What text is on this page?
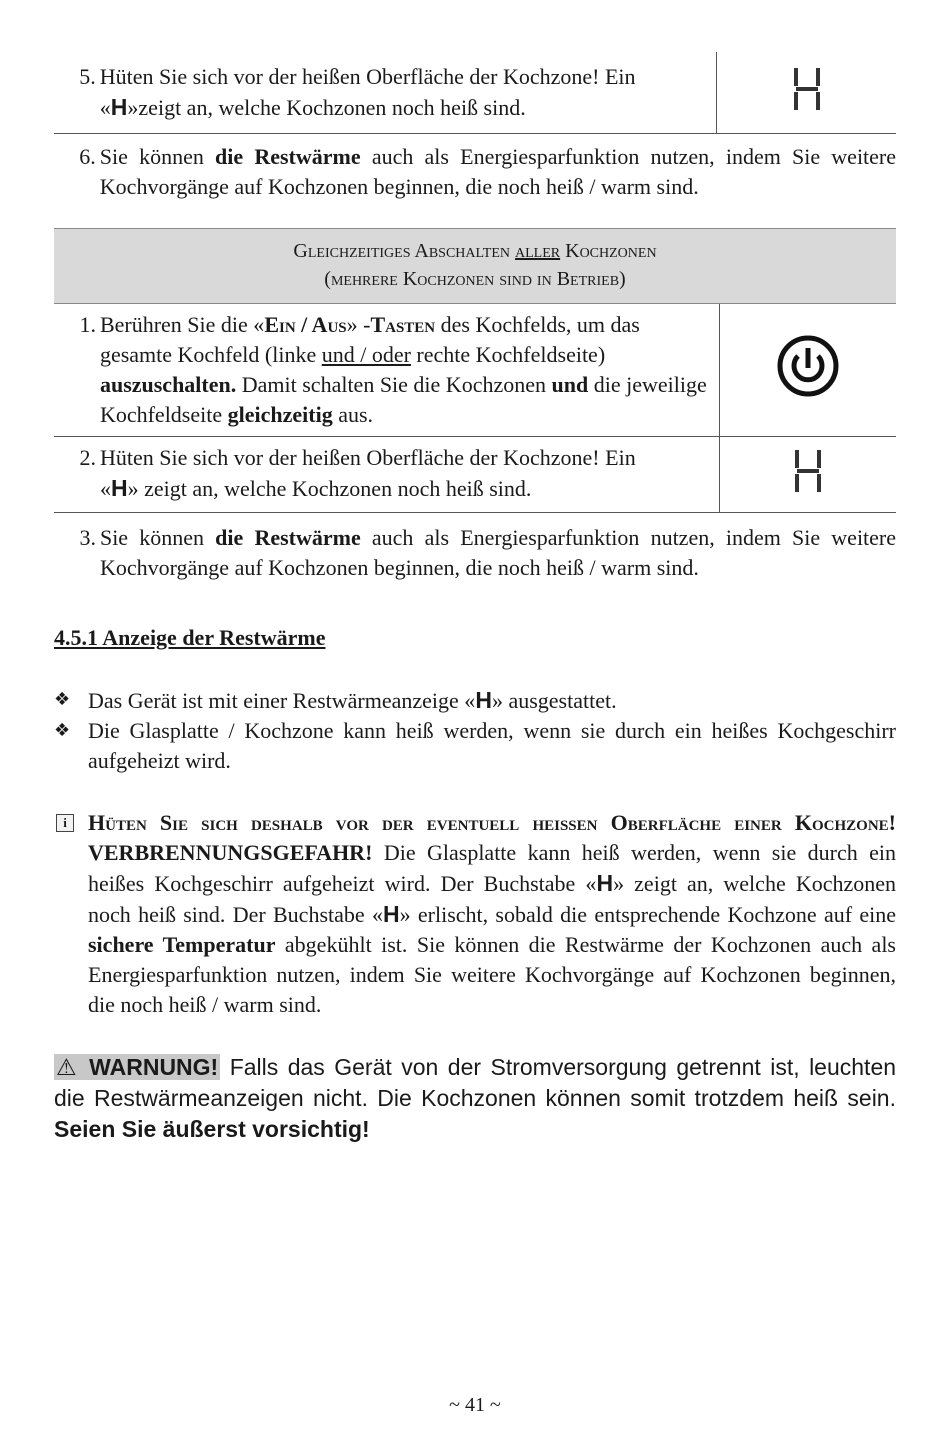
5.	Hüten Sie sich vor der heißen Oberfläche der Kochzone! Ein
«H»zeigt an, welche Kochzonen noch heiß sind.	
6.	Sie können die Restwärme auch als Energiesparfunktion nutzen, indem Sie weitere Kochvorgänge auf Kochzonen beginnen, die noch heiß / warm sind.	
Gleichzeitiges Abschalten aller Kochzonen
(mehrere Kochzonen sind in Betrieb)
1.	Berühren Sie die «Ein / Aus» -Tasten des Kochfelds, um das gesamte Kochfeld (linke und / oder rechte Kochfeldseite) auszuschalten. Damit schalten Sie die Kochzonen und die jeweilige Kochfeldseite gleichzeitig aus.	
2.	Hüten Sie sich vor der heißen Oberfläche der Kochzone! Ein
«H» zeigt an, welche Kochzonen noch heiß sind.	
3.	Sie können die Restwärme auch als Energiesparfunktion nutzen, indem Sie weitere Kochvorgänge auf Kochzonen beginnen, die noch heiß / warm sind.	

4.5.1 Anzeige der Restwärme

❖ Das Gerät ist mit einer Restwärmeanzeige «H» ausgestattet.
❖ Die Glasplatte / Kochzone kann heiß werden, wenn sie durch ein heißes Kochgeschirr aufgeheizt wird.
i Hüten Sie sich deshalb vor der eventuell heißen Oberfläche einer Kochzone! VERBRENNUNGSGEFAHR! Die Glasplatte kann heiß werden, wenn sie durch ein heißes Kochgeschirr aufgeheizt wird. Der Buchstabe «H» zeigt an, welche Kochzonen noch heiß sind. Der Buchstabe «H» erlischt, sobald die entsprechende Kochzone auf eine sichere Temperatur abgekühlt ist. Sie können die Restwärme der Kochzonen auch als Energiesparfunktion nutzen, indem Sie weitere Kochvorgänge auf Kochzonen beginnen, die noch heiß / warm sind.
⚠ WARNUNG! Falls das Gerät von der Stromversorgung getrennt ist, leuchten die Restwärmeanzeigen nicht. Die Kochzonen können somit trotzdem heiß sein. Seien Sie äußerst vorsichtig!
~ 41 ~
